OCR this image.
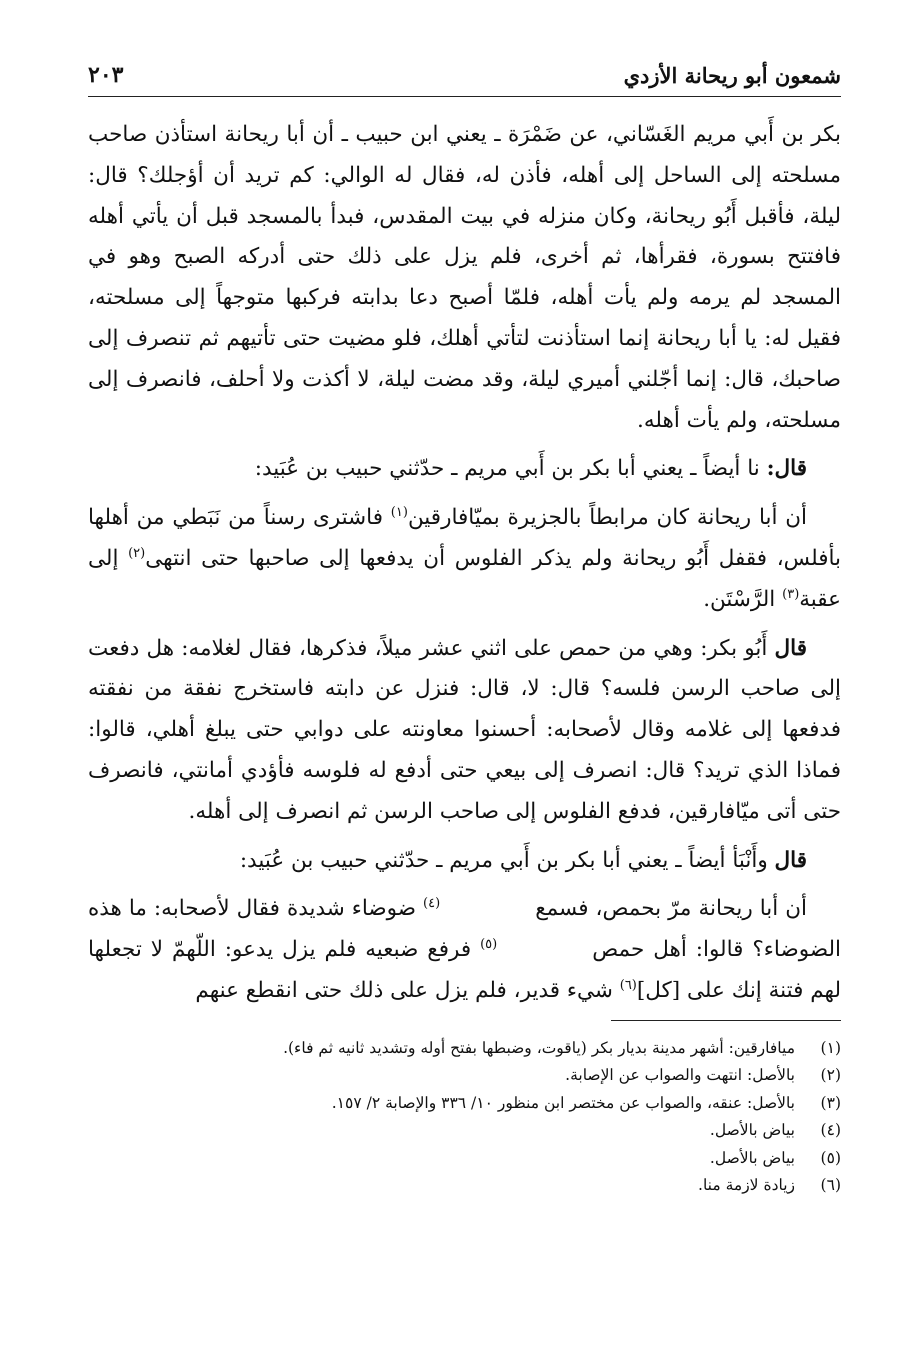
شمعون أبو ريحانة الأزدي
٢٠٣

بكر بن أَبي مريم الغَسّاني، عن ضَمْرَة ـ يعني ابن حبيب ـ أن أبا ريحانة استأذن صاحب مسلحته إلى الساحل إلى أهله، فأذن له، فقال له الوالي: كم تريد أن أؤجلك؟ قال: ليلة، فأقبل أَبُو ريحانة، وكان منزله في بيت المقدس، فبدأ بالمسجد قبل أن يأتي أهله فافتتح بسورة، فقرأها، ثم أخرى، فلم يزل على ذلك حتى أدركه الصبح وهو في المسجد لم يرمه ولم يأت أهله، فلمّا أصبح دعا بدابته فركبها متوجهاً إلى مسلحته، فقيل له: يا أبا ريحانة إنما استأذنت لتأتي أهلك، فلو مضيت حتى تأتيهم ثم تنصرف إلى صاحبك، قال: إنما أجّلني أميري ليلة، وقد مضت ليلة، لا أكذت ولا أحلف، فانصرف إلى مسلحته، ولم يأت أهله.

قال: نا أيضاً ـ يعني أبا بكر بن أَبي مريم ـ حدّثني حبيب بن عُبَيد:

أن أبا ريحانة كان مرابطاً بالجزيرة بميّافارقين$^{(١)}$ فاشترى رسناً من نَبَطي من أهلها بأفلس، فقفل أَبُو ريحانة ولم يذكر الفلوس أن يدفعها إلى صاحبها حتى انتهى$^{(٢)}$ إلى عقبة$^{(٣)}$ الرَّسْتَن.

قال أَبُو بكر: وهي من حمص على اثني عشر ميلاً، فذكرها، فقال لغلامه: هل دفعت إلى صاحب الرسن فلسه؟ قال: لا، قال: فنزل عن دابته فاستخرج نفقة من نفقته فدفعها إلى غلامه وقال لأصحابه: أحسنوا معاونته على دوابي حتى يبلغ أهلي، قالوا: فماذا الذي تريد؟ قال: انصرف إلى بيعي حتى أدفع له فلوسه فأؤدي أمانتي، فانصرف حتى أتى ميّافارقين، فدفع الفلوس إلى صاحب الرسن ثم انصرف إلى أهله.

قال وأَنْبَأ أيضاً ـ يعني أبا بكر بن أَبي مريم ـ حدّثني حبيب بن عُبَيد:

أن أبا ريحانة مرّ بحمص، فسمع$^{(٤)}$ ضوضاء شديدة فقال لأصحابه: ما هذه الضوضاء؟ قالوا: أهل حمص$^{(٥)}$ فرفع ضبعيه فلم يزل يدعو: اللّهمّ لا تجعلها لهم فتنة إنك على [كل]$^{(٦)}$ شيء قدير، فلم يزل على ذلك حتى انقطع عنهم

(١)
ميافارقين: أشهر مدينة بديار بكر (ياقوت، وضبطها بفتح أوله وتشديد ثانيه ثم فاء).
(٢)
بالأصل: انتهت والصواب عن الإصابة.
(٣)
بالأصل: عنقه، والصواب عن مختصر ابن منظور ١٠/ ٣٣٦ والإصابة ٢/ ١٥٧.
(٤)
بياض بالأصل.
(٥)
بياض بالأصل.
(٦)
زيادة لازمة منا.
